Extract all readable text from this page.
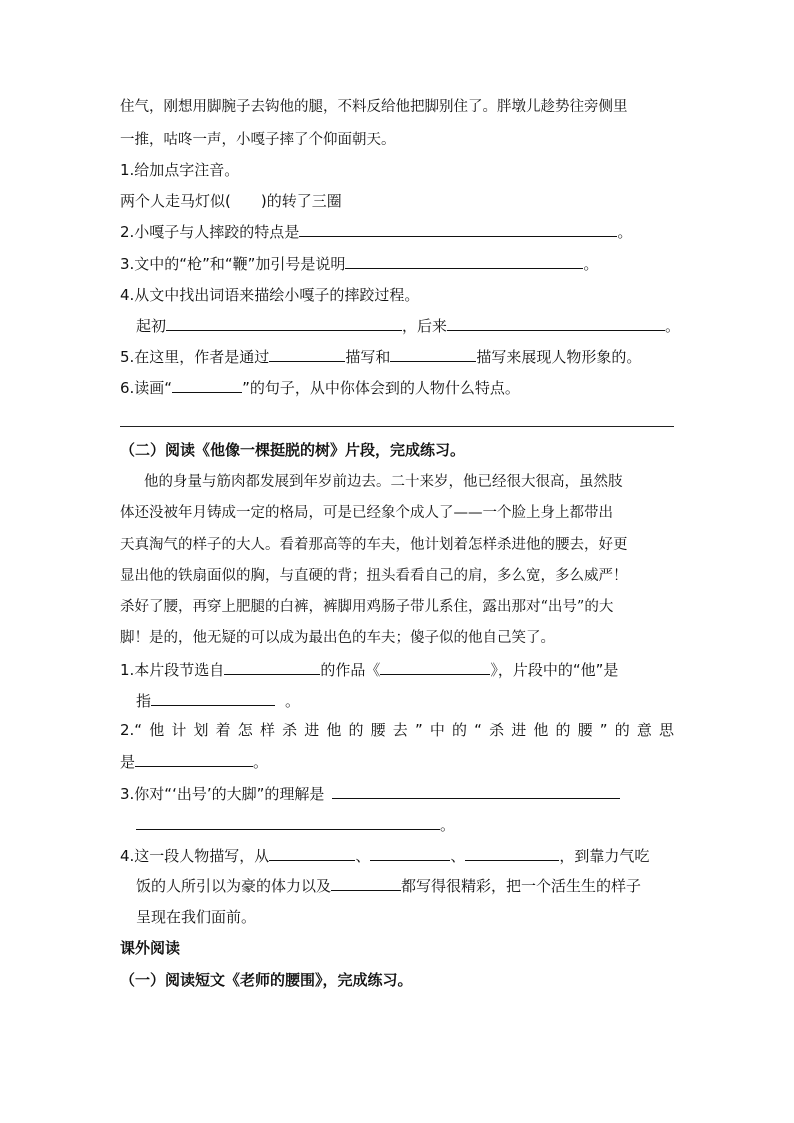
住气，刚想用脚腕子去钩他的腿，不料反给他把脚别住了。胖墩儿趁势往旁侧里
一推，咕咚一声，小嘎子摔了个仰面朝天。
1.给加点字注音。
两个人走马灯似( )的转了三圈
2.小嘎子与人摔跤的特点是	。
3.文中的“枪”和“鞭”加引号是说明	。
4.从文中找出词语来描绘小嘎子的摔跤过程。
起初	，后来	。
5.在这里，作者是通过	描写和	描写来展现人物形象的。
6.读画“	”的句子，从中你体会到的人物什么特点。
（二）阅读《他像一棵挺脱的树》片段，完成练习。
他的身量与筋肉都发展到年岁前边去。二十来岁，他已经很大很高，虽然肢
体还没被年月铸成一定的格局，可是已经象个成人了——一个脸上身上都带出
天真淘气的样子的大人。看着那高等的车夫，他计划着怎样杀进他的腰去，好更
显出他的铁扇面似的胸，与直硬的背；扭头看看自己的肩，多么宽，多么威严！
杀好了腰，再穿上肥腿的白裤，裤脚用鸡肠子带儿系住，露出那对“出号”的大
脚！是的，他无疑的可以成为最出色的车夫；傻子似的他自己笑了。
1.本片段节选自	的作品《	》，片段中的“他”是
指	。
2.“他计划着怎样杀进他的腰去”中的“杀进他的腰”的意思
是	。
3.你对“‘出号’的大脚”的理解是
。
4.这一段人物描写，从	、	、	，到靠力气吃
饭的人所引以为豪的体力以及	都写得很精彩，把一个活生生的样子
呈现在我们面前。
课外阅读
（一）阅读短文《老师的腰围》，完成练习。
